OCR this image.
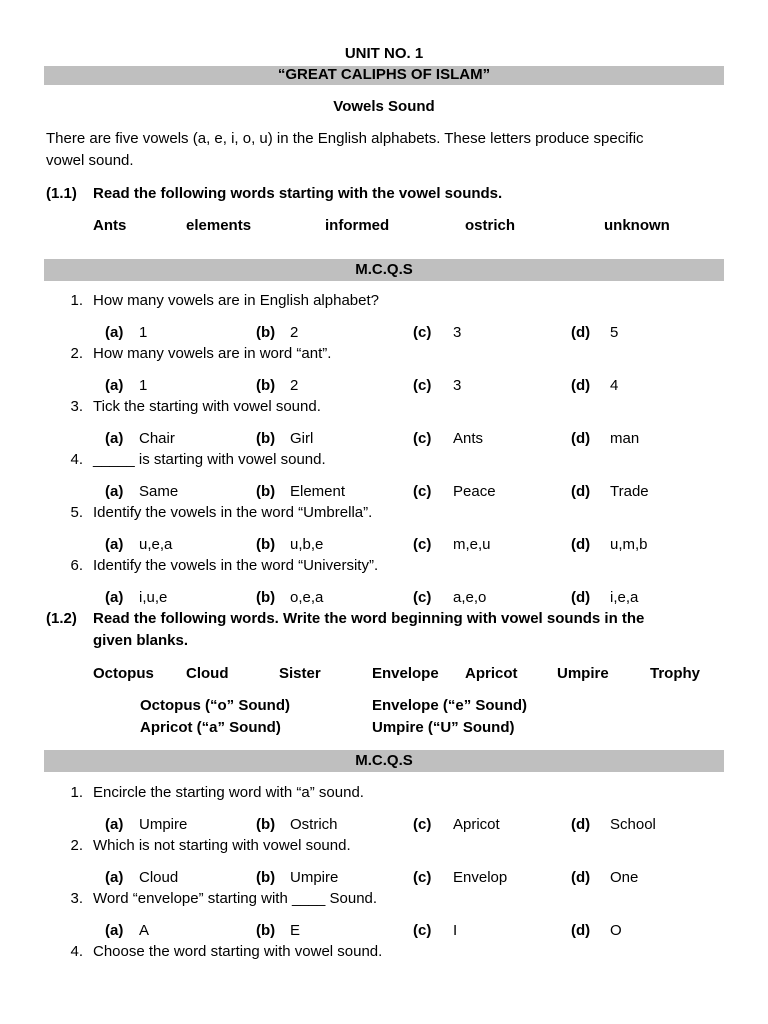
UNIT NO. 1
“GREAT CALIPHS OF ISLAM”
Vowels Sound
There are five vowels (a, e, i, o, u) in the English alphabets. These letters produce specific
vowel sound.
(1.1) Read the following words starting with the vowel sounds.
Ants	elements	informed	ostrich	unknown
M.C.Q.S
1. How many vowels are in English alphabet?
(a) 1	(b) 2	(c) 3	(d) 5
2. How many vowels are in word “ant”.
(a) 1	(b) 2	(c) 3	(d) 4
3. Tick the starting with vowel sound.
(a) Chair	(b) Girl	(c) Ants	(d) man
4. _____ is starting with vowel sound.
(a) Same	(b) Element	(c) Peace	(d) Trade
5. Identify the vowels in the word “Umbrella”.
(a) u,e,a	(b) u,b,e	(c) m,e,u	(d) u,m,b
6. Identify the vowels in the word “University”.
(a) i,u,e	(b) o,e,a	(c) a,e,o	(d) i,e,a
(1.2) Read the following words. Write the word beginning with vowel sounds in the
given blanks.
Octopus Cloud	Sister	Envelope Apricot	Umpire	Trophy
Octopus (“o” Sound)	Envelope (“e” Sound)
Apricot (“a” Sound)	Umpire (“U” Sound)
M.C.Q.S
1. Encircle the starting word with “a” sound.
(a) Umpire	(b) Ostrich	(c) Apricot	(d) School
2. Which is not starting with vowel sound.
(a) Cloud	(b) Umpire	(c) Envelop	(d) One
3. Word “envelope” starting with ____ Sound.
(a) A	(b) E	(c) I	(d) O
4. Choose the word starting with vowel sound.
